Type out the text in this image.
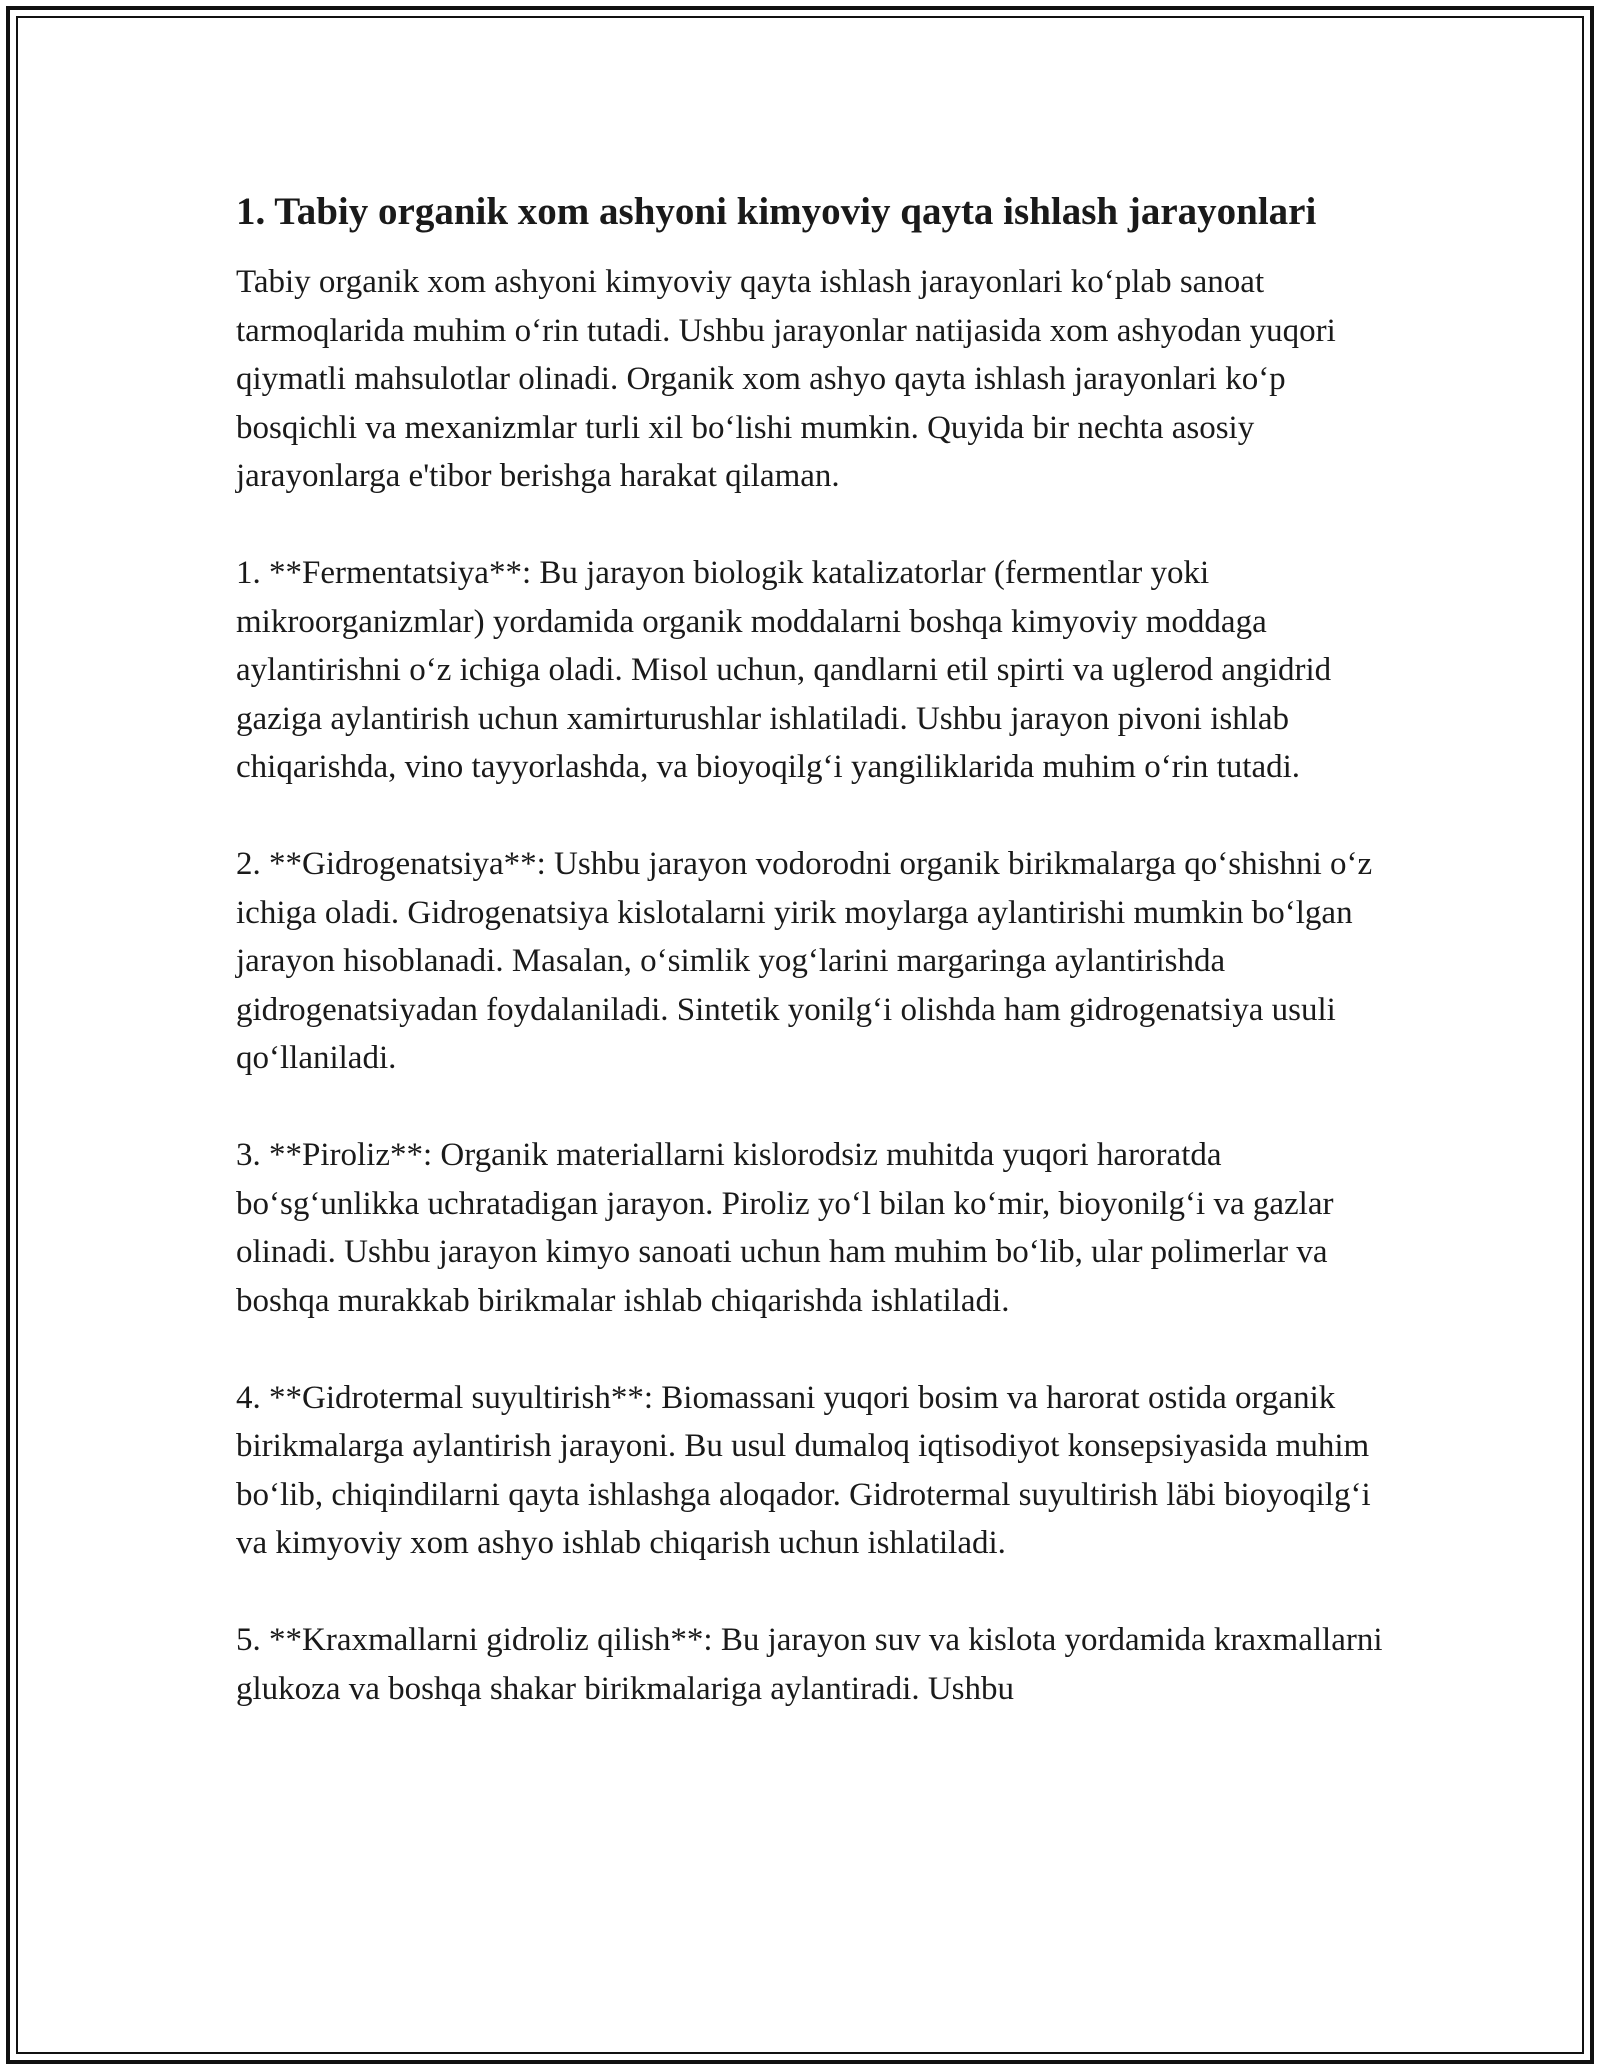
1. Tabiy organik xom ashyoni kimyoviy qayta ishlash jarayonlari

Tabiy organik xom ashyoni kimyoviy qayta ishlash jarayonlari ko‘plab sanoat tarmoqlarida muhim o‘rin tutadi. Ushbu jarayonlar natijasida xom ashyodan yuqori qiymatli mahsulotlar olinadi. Organik xom ashyo qayta ishlash jarayonlari ko‘p bosqichli va mexanizmlar turli xil bo‘lishi mumkin. Quyida bir nechta asosiy jarayonlarga e'tibor berishga harakat qilaman.

1. **Fermentatsiya**: Bu jarayon biologik katalizatorlar (fermentlar yoki mikroorganizmlar) yordamida organik moddalarni boshqa kimyoviy moddaga aylantirishni o‘z ichiga oladi. Misol uchun, qandlarni etil spirti va uglerod angidrid gaziga aylantirish uchun xamirturushlar ishlatiladi. Ushbu jarayon pivoni ishlab chiqarishda, vino tayyorlashda, va bioyoqilg‘i yangiliklarida muhim o‘rin tutadi.

2. **Gidrogenatsiya**: Ushbu jarayon vodorodni organik birikmalarga qo‘shishni o‘z ichiga oladi. Gidrogenatsiya kislotalarni yirik moylarga aylantirishi mumkin bo‘lgan jarayon hisoblanadi. Masalan, o‘simlik yog‘larini margaringa aylantirishda gidrogenatsiyadan foydalaniladi. Sintetik yonilg‘i olishda ham gidrogenatsiya usuli qo‘llaniladi.

3. **Piroliz**: Organik materiallarni kislorodsiz muhitda yuqori haroratda bo‘sg‘unlikka uchratadigan jarayon. Piroliz yo‘l bilan ko‘mir, bioyonilg‘i va gazlar olinadi. Ushbu jarayon kimyo sanoati uchun ham muhim bo‘lib, ular polimerlar va boshqa murakkab birikmalar ishlab chiqarishda ishlatiladi.

4. **Gidrotermal suyultirish**: Biomassani yuqori bosim va harorat ostida organik birikmalarga aylantirish jarayoni. Bu usul dumaloq iqtisodiyot konsepsiyasida muhim bo‘lib, chiqindilarni qayta ishlashga aloqador. Gidrotermal suyultirish läbi bioyoqilg‘i va kimyoviy xom ashyo ishlab chiqarish uchun ishlatiladi.

5. **Kraxmallarni gidroliz qilish**: Bu jarayon suv va kislota yordamida kraxmallarni glukoza va boshqa shakar birikmalariga aylantiradi. Ushbu
